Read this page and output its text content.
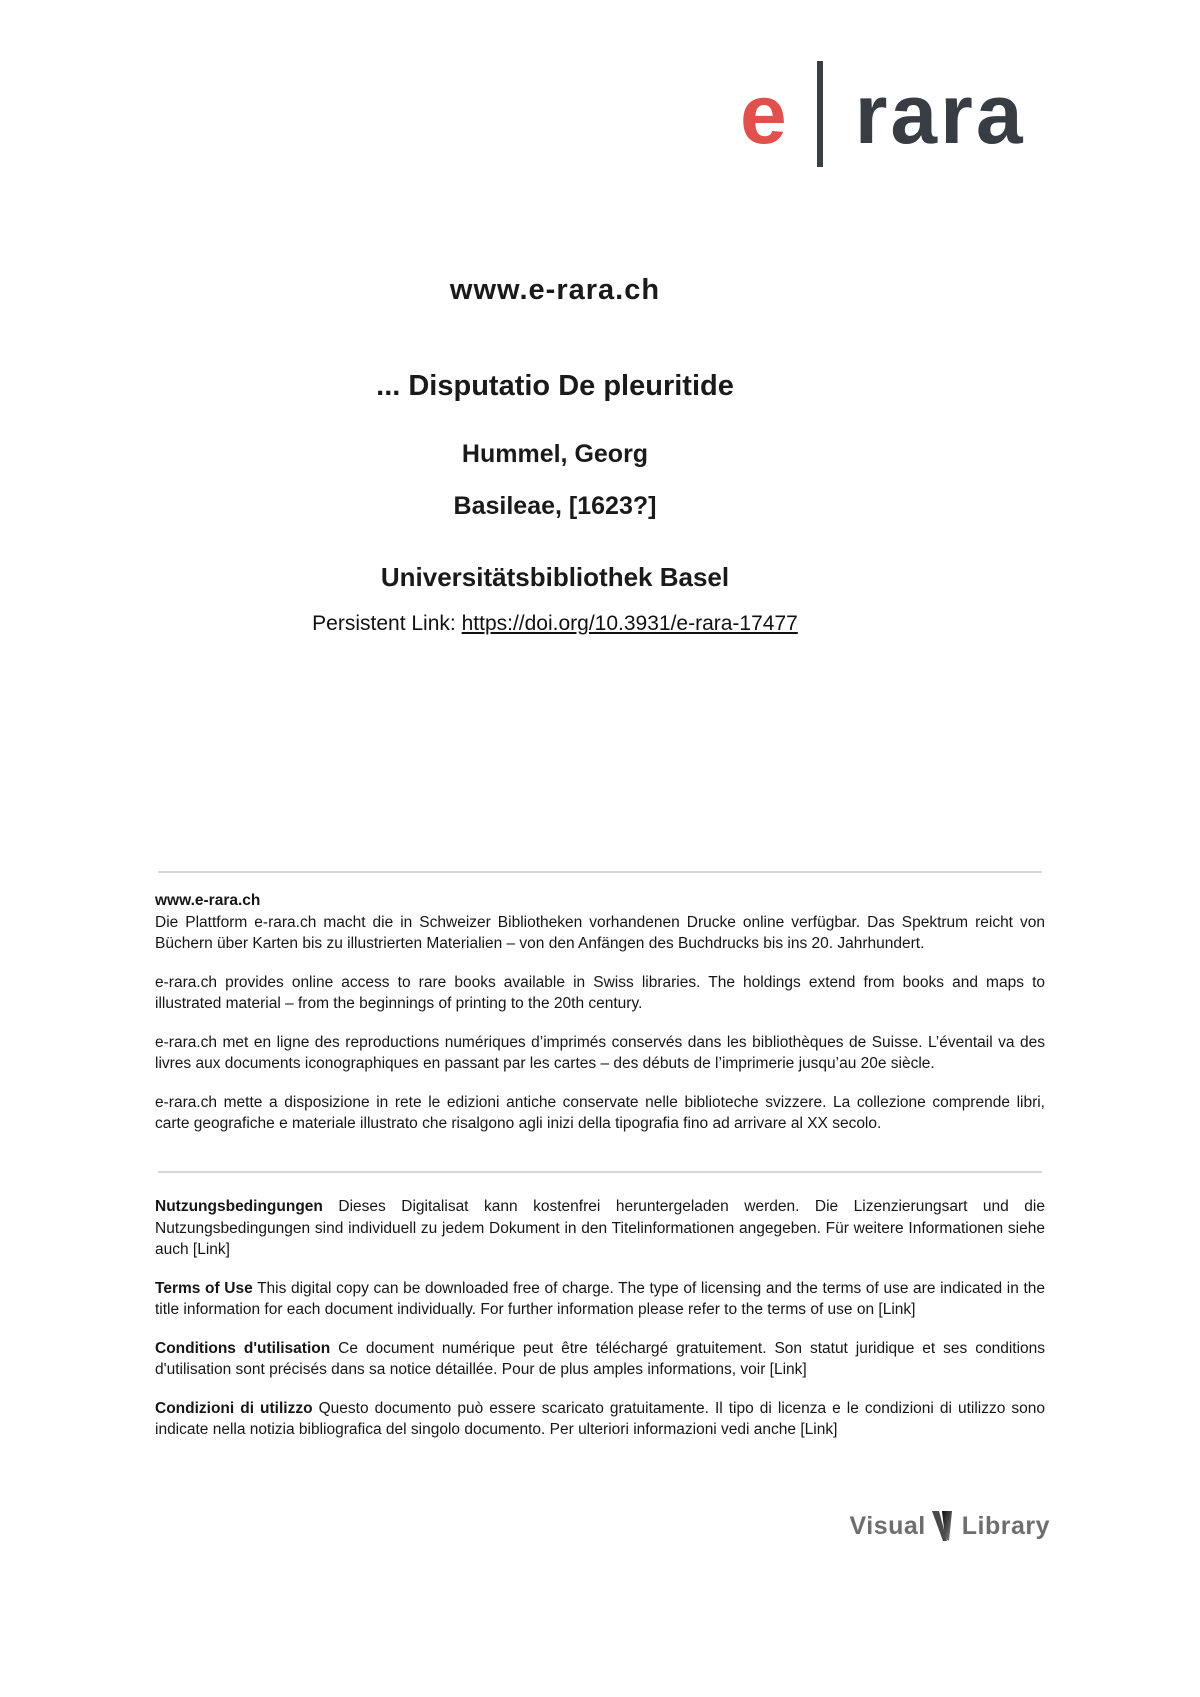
e rara
www.e-rara.ch
... Disputatio De pleuritide
Hummel, Georg
Basileae, [1623?]
Universitätsbibliothek Basel
Persistent Link: https://doi.org/10.3931/e-rara-17477
www.e-rara.ch

Die Plattform e-rara.ch macht die in Schweizer Bibliotheken vorhandenen Drucke online verfügbar. Das Spektrum reicht von Büchern über Karten bis zu illustrierten Materialien – von den Anfängen des Buchdrucks bis ins 20. Jahrhundert.

e-rara.ch provides online access to rare books available in Swiss libraries. The holdings extend from books and maps to illustrated material – from the beginnings of printing to the 20th century.

e-rara.ch met en ligne des reproductions numériques d’imprimés conservés dans les bibliothèques de Suisse. L’éventail va des livres aux documents iconographiques en passant par les cartes – des débuts de l’imprimerie jusqu’au 20e siècle.

e-rara.ch mette a disposizione in rete le edizioni antiche conservate nelle biblioteche svizzere. La collezione comprende libri, carte geografiche e materiale illustrato che risalgono agli inizi della tipografia fino ad arrivare al XX secolo.

Nutzungsbedingungen Dieses Digitalisat kann kostenfrei heruntergeladen werden. Die Lizenzierungsart und die Nutzungsbedingungen sind individuell zu jedem Dokument in den Titelinformationen angegeben. Für weitere Informationen siehe auch [Link]

Terms of Use This digital copy can be downloaded free of charge. The type of licensing and the terms of use are indicated in the title information for each document individually. For further information please refer to the terms of use on [Link]

Conditions d'utilisation Ce document numérique peut être téléchargé gratuitement. Son statut juridique et ses conditions d'utilisation sont précisés dans sa notice détaillée. Pour de plus amples informations, voir [Link]

Condizioni di utilizzo Questo documento può essere scaricato gratuitamente. Il tipo di licenza e le condizioni di utilizzo sono indicate nella notizia bibliografica del singolo documento. Per ulteriori informazioni vedi anche [Link]

Visual Library
